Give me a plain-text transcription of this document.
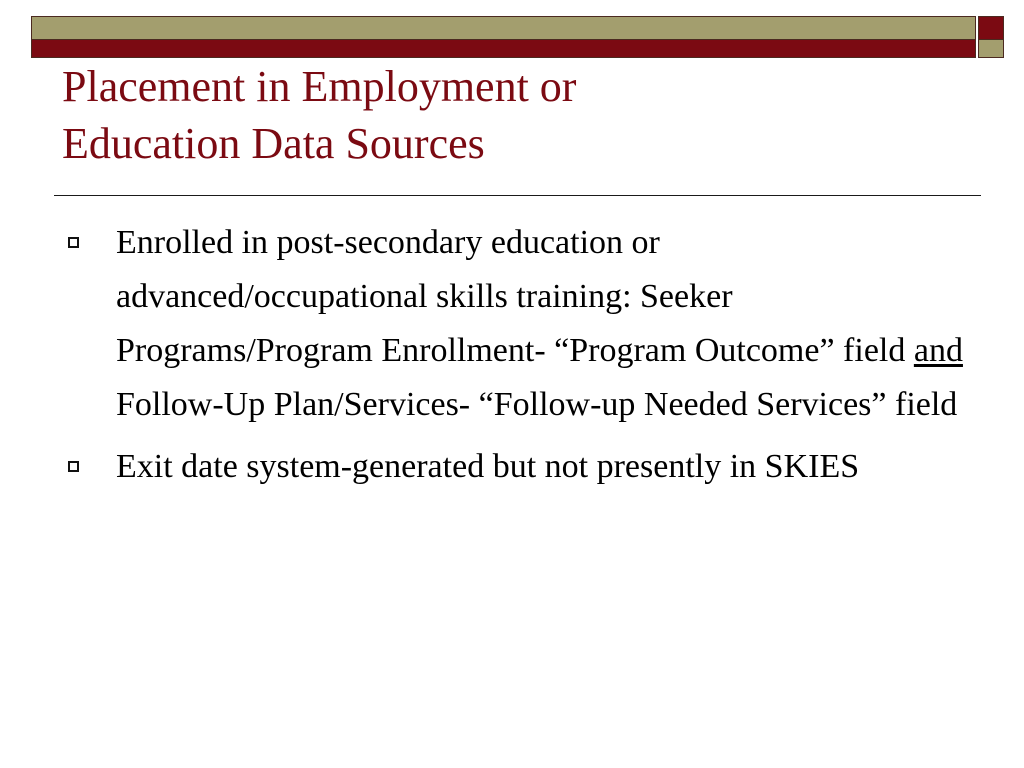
Placement in Employment or
Education Data Sources
Enrolled in post-secondary education or advanced/occupational skills training: Seeker Programs/Program Enrollment- “Program Outcome” field and Follow-Up Plan/Services- “Follow-up Needed Services” field
Exit date system-generated but not presently in SKIES
